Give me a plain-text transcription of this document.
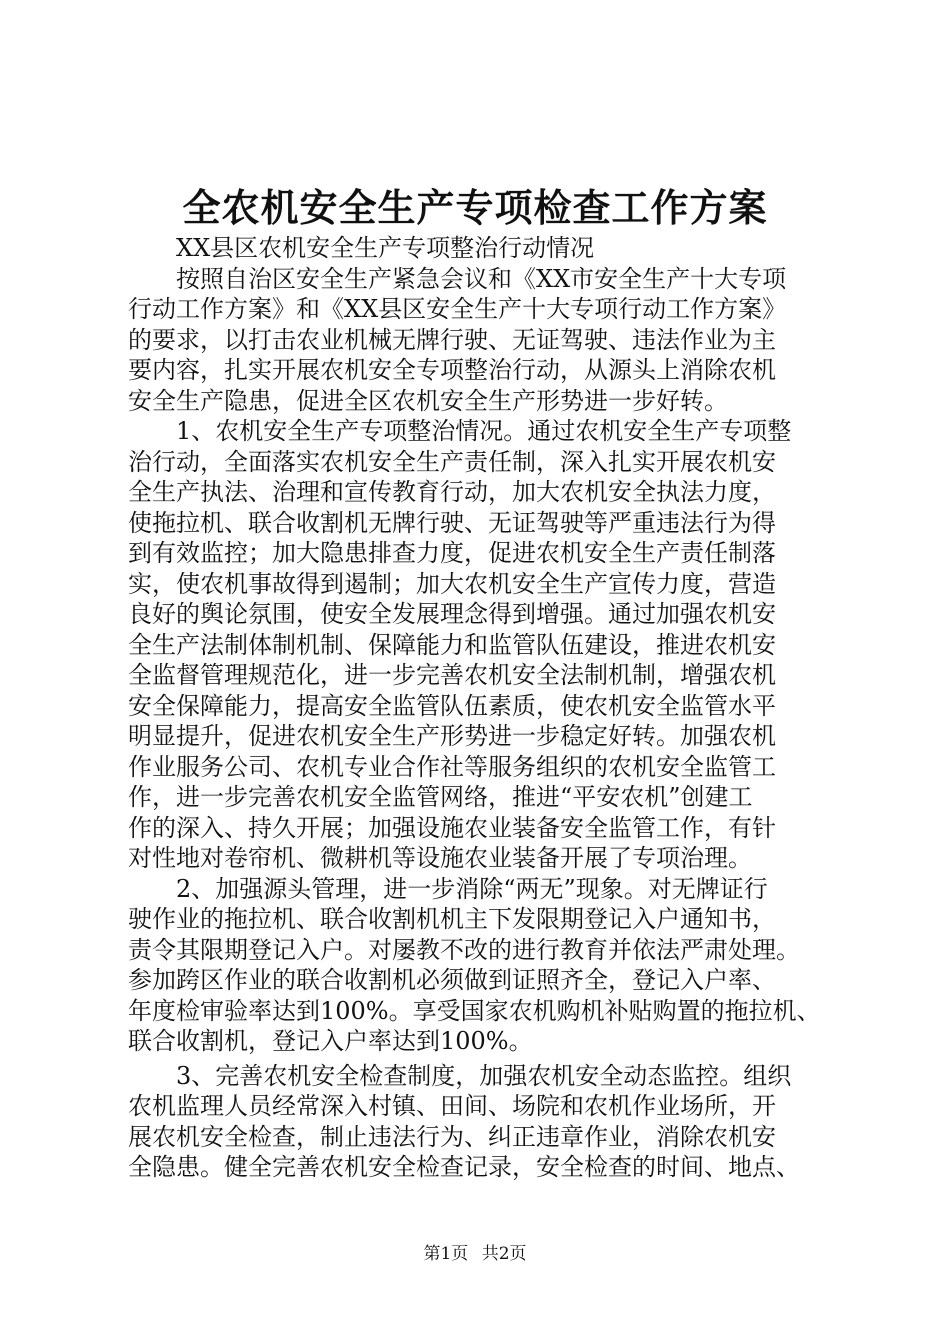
全农机安全生产专项检查工作方案
　　XX县区农机安全生产专项整治行动情况
　　按照自治区安全生产紧急会议和《XX市安全生产十大专项
行动工作方案》和《XX县区安全生产十大专项行动工作方案》
的要求，以打击农业机械无牌行驶、无证驾驶、违法作业为主
要内容，扎实开展农机安全专项整治行动，从源头上消除农机
安全生产隐患，促进全区农机安全生产形势进一步好转。
　　1、农机安全生产专项整治情况。通过农机安全生产专项整
治行动，全面落实农机安全生产责任制，深入扎实开展农机安
全生产执法、治理和宣传教育行动，加大农机安全执法力度，
使拖拉机、联合收割机无牌行驶、无证驾驶等严重违法行为得
到有效监控；加大隐患排查力度，促进农机安全生产责任制落
实，使农机事故得到遏制；加大农机安全生产宣传力度，营造
良好的舆论氛围，使安全发展理念得到增强。通过加强农机安
全生产法制体制机制、保障能力和监管队伍建设，推进农机安
全监督管理规范化，进一步完善农机安全法制机制，增强农机
安全保障能力，提高安全监管队伍素质，使农机安全监管水平
明显提升，促进农机安全生产形势进一步稳定好转。加强农机
作业服务公司、农机专业合作社等服务组织的农机安全监管工
作，进一步完善农机安全监管网络，推进“平安农机”创建工
作的深入、持久开展；加强设施农业装备安全监管工作，有针
对性地对卷帘机、微耕机等设施农业装备开展了专项治理。
　　2、加强源头管理，进一步消除“两无”现象。对无牌证行
驶作业的拖拉机、联合收割机机主下发限期登记入户通知书，
责令其限期登记入户。对屡教不改的进行教育并依法严肃处理。
参加跨区作业的联合收割机必须做到证照齐全，登记入户率、
年度检审验率达到100%。享受国家农机购机补贴购置的拖拉机、
联合收割机，登记入户率达到100%。
　　3、完善农机安全检查制度，加强农机安全动态监控。组织
农机监理人员经常深入村镇、田间、场院和农机作业场所，开
展农机安全检查，制止违法行为、纠正违章作业，消除农机安
全隐患。健全完善农机安全检查记录，安全检查的时间、地点、
第1页 共2页
